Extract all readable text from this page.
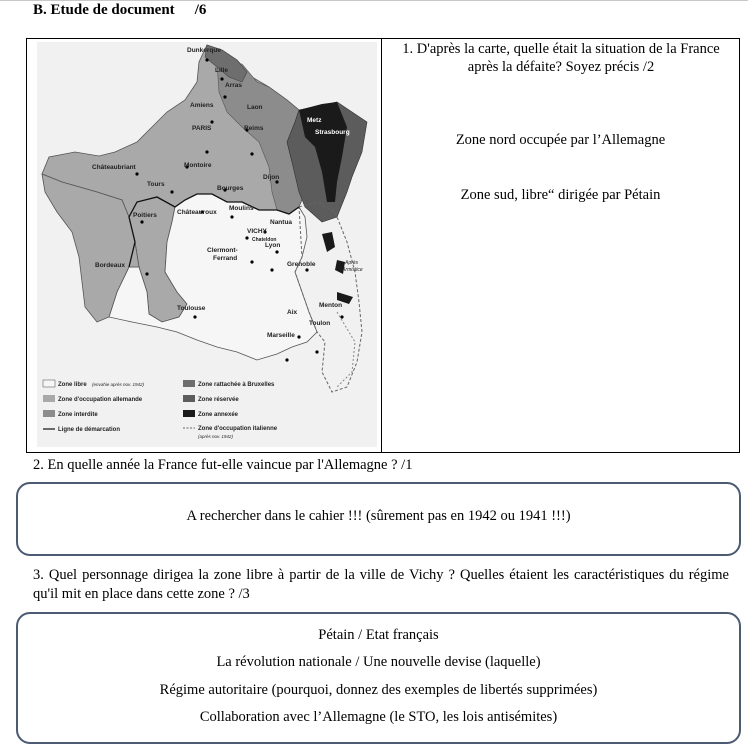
B. Etude de document /6
Dunkerque
Lille
Arras
Amiens	Laon
PARIS	Reims
Metz
Strasbourg
Châteaubriant	Montoire
Tours
Bourges
Dijon
Poitiers	Châteauroux
Moulins
Nantua
VICHY
Chateldon
Lyon
Clermont-
Ferrand
Grenoble	Après
l'Armistice
Bordeaux
Toulouse	Menton
Aix
Toulon
Marseille
Zone libre (envahie après nov. 1942)
Zone d'occupation allemande
Zone interdite
Ligne de démarcation
Zone rattachée à Bruxelles
Zone réservée
Zone annexée
Zone d'occupation italienne
(après nov. 1942)
1. D'après la carte, quelle était la situation de la France après la défaite? Soyez précis /2
Zone nord occupée par l’Allemagne
Zone sud, libre“ dirigée par Pétain
2. En quelle année la France fut-elle vaincue par l'Allemagne ? /1
A rechercher dans le cahier !!! (sûrement pas en 1942 ou 1941 !!!)
3. Quel personnage dirigea la zone libre à partir de la ville de Vichy ? Quelles étaient les caractéristiques du régime qu'il mit en place dans cette zone ? /3
Pétain / Etat français
La révolution nationale / Une nouvelle devise (laquelle)
Régime autoritaire (pourquoi, donnez des exemples de libertés supprimées)
Collaboration avec l’Allemagne (le STO, les lois antisémites)
